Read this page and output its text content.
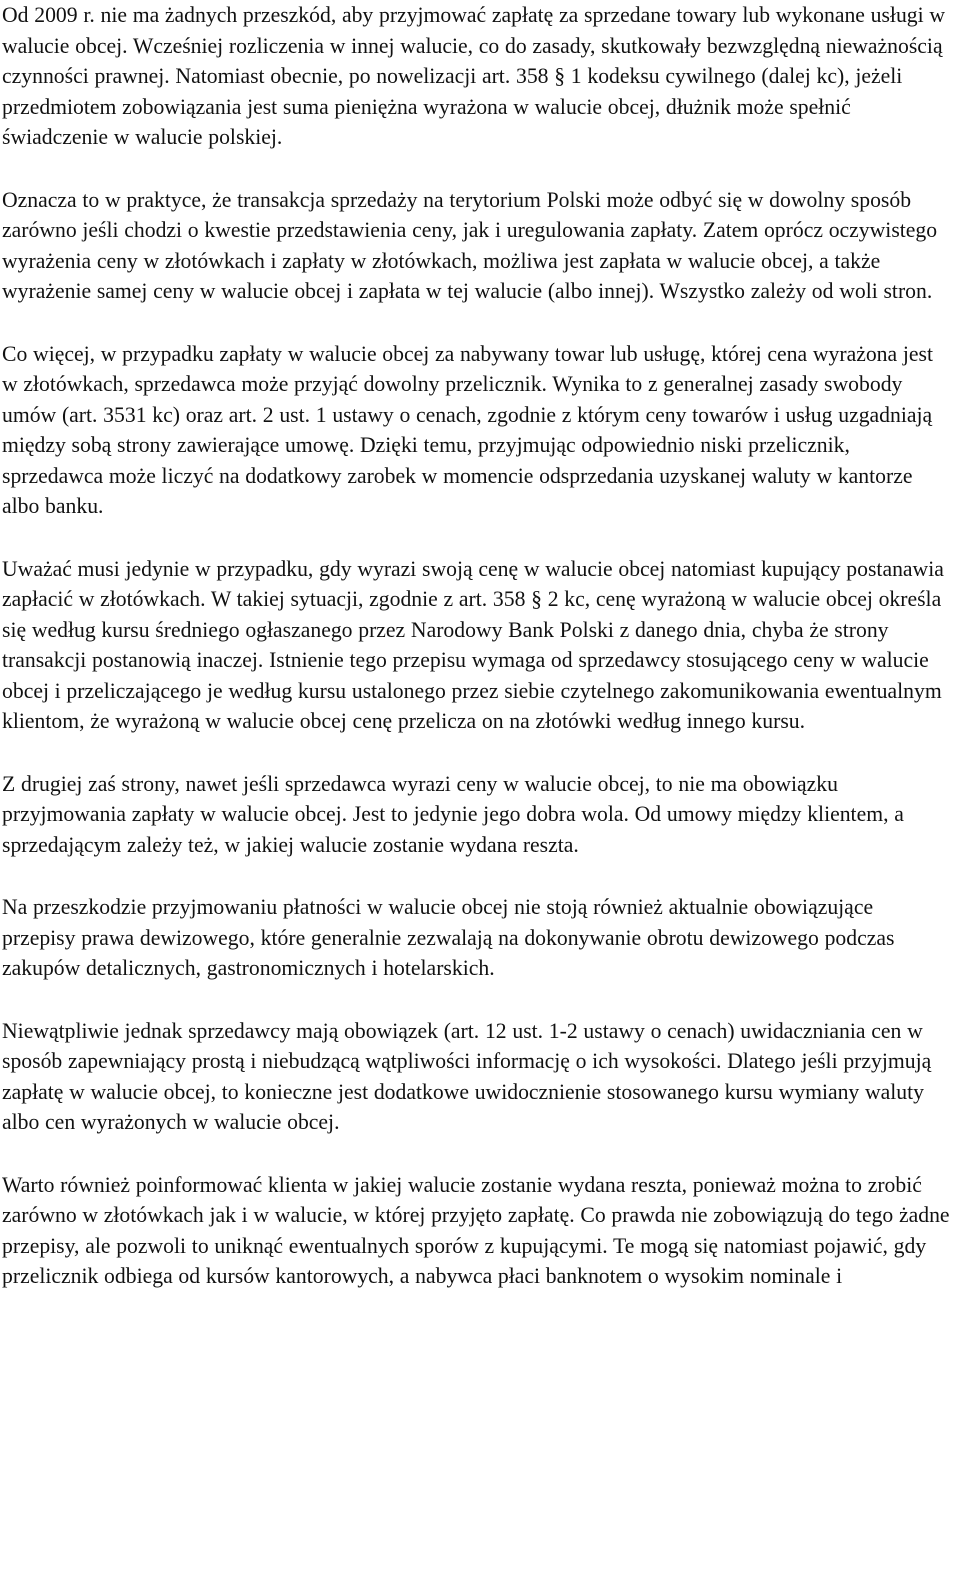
Od 2009 r. nie ma żadnych przeszkód, aby przyjmować zapłatę za sprzedane towary lub wykonane usługi w walucie obcej. Wcześniej rozliczenia w innej walucie, co do zasady, skutkowały bezwzględną nieważnością czynności prawnej. Natomiast obecnie, po nowelizacji art. 358 § 1 kodeksu cywilnego (dalej kc), jeżeli przedmiotem zobowiązania jest suma pieniężna wyrażona w walucie obcej, dłużnik może spełnić świadczenie w walucie polskiej.

Oznacza to w praktyce, że transakcja sprzedaży na terytorium Polski może odbyć się w dowolny sposób zarówno jeśli chodzi o kwestie przedstawienia ceny, jak i uregulowania zapłaty. Zatem oprócz oczywistego wyrażenia ceny w złotówkach i zapłaty w złotówkach, możliwa jest zapłata w walucie obcej, a także wyrażenie samej ceny w walucie obcej i zapłata w tej walucie (albo innej). Wszystko zależy od woli stron.

Co więcej, w przypadku zapłaty w walucie obcej za nabywany towar lub usługę, której cena wyrażona jest w złotówkach, sprzedawca może przyjąć dowolny przelicznik. Wynika to z generalnej zasady swobody umów (art. 3531 kc) oraz art. 2 ust. 1 ustawy o cenach, zgodnie z którym ceny towarów i usług uzgadniają między sobą strony zawierające umowę. Dzięki temu, przyjmując odpowiednio niski przelicznik, sprzedawca może liczyć na dodatkowy zarobek w momencie odsprzedania uzyskanej waluty w kantorze albo banku.

Uważać musi jedynie w przypadku, gdy wyrazi swoją cenę w walucie obcej natomiast kupujący postanawia zapłacić w złotówkach. W takiej sytuacji, zgodnie z art. 358 § 2 kc, cenę wyrażoną w walucie obcej określa się według kursu średniego ogłaszanego przez Narodowy Bank Polski z danego dnia, chyba że strony transakcji postanowią inaczej. Istnienie tego przepisu wymaga od sprzedawcy stosującego ceny w walucie obcej i przeliczającego je według kursu ustalonego przez siebie czytelnego zakomunikowania ewentualnym klientom, że wyrażoną w walucie obcej cenę przelicza on na złotówki według innego kursu.

Z drugiej zaś strony, nawet jeśli sprzedawca wyrazi ceny w walucie obcej, to nie ma obowiązku przyjmowania zapłaty w walucie obcej. Jest to jedynie jego dobra wola. Od umowy między klientem, a sprzedającym zależy też, w jakiej walucie zostanie wydana reszta.

Na przeszkodzie przyjmowaniu płatności w walucie obcej nie stoją również aktualnie obowiązujące przepisy prawa dewizowego, które generalnie zezwalają na dokonywanie obrotu dewizowego podczas zakupów detalicznych, gastronomicznych i hotelarskich.

Niewątpliwie jednak sprzedawcy mają obowiązek (art. 12 ust. 1-2 ustawy o cenach) uwidaczniania cen w sposób zapewniający prostą i niebudzącą wątpliwości informację o ich wysokości. Dlatego jeśli przyjmują zapłatę w walucie obcej, to konieczne jest dodatkowe uwidocznienie stosowanego kursu wymiany waluty albo cen wyrażonych w walucie obcej.

Warto również poinformować klienta w jakiej walucie zostanie wydana reszta, ponieważ można to zrobić zarówno w złotówkach jak i w walucie, w której przyjęto zapłatę. Co prawda nie zobowiązują do tego żadne przepisy, ale pozwoli to uniknąć ewentualnych sporów z kupującymi. Te mogą się natomiast pojawić, gdy przelicznik odbiega od kursów kantorowych, a nabywca płaci banknotem o wysokim nominale i
